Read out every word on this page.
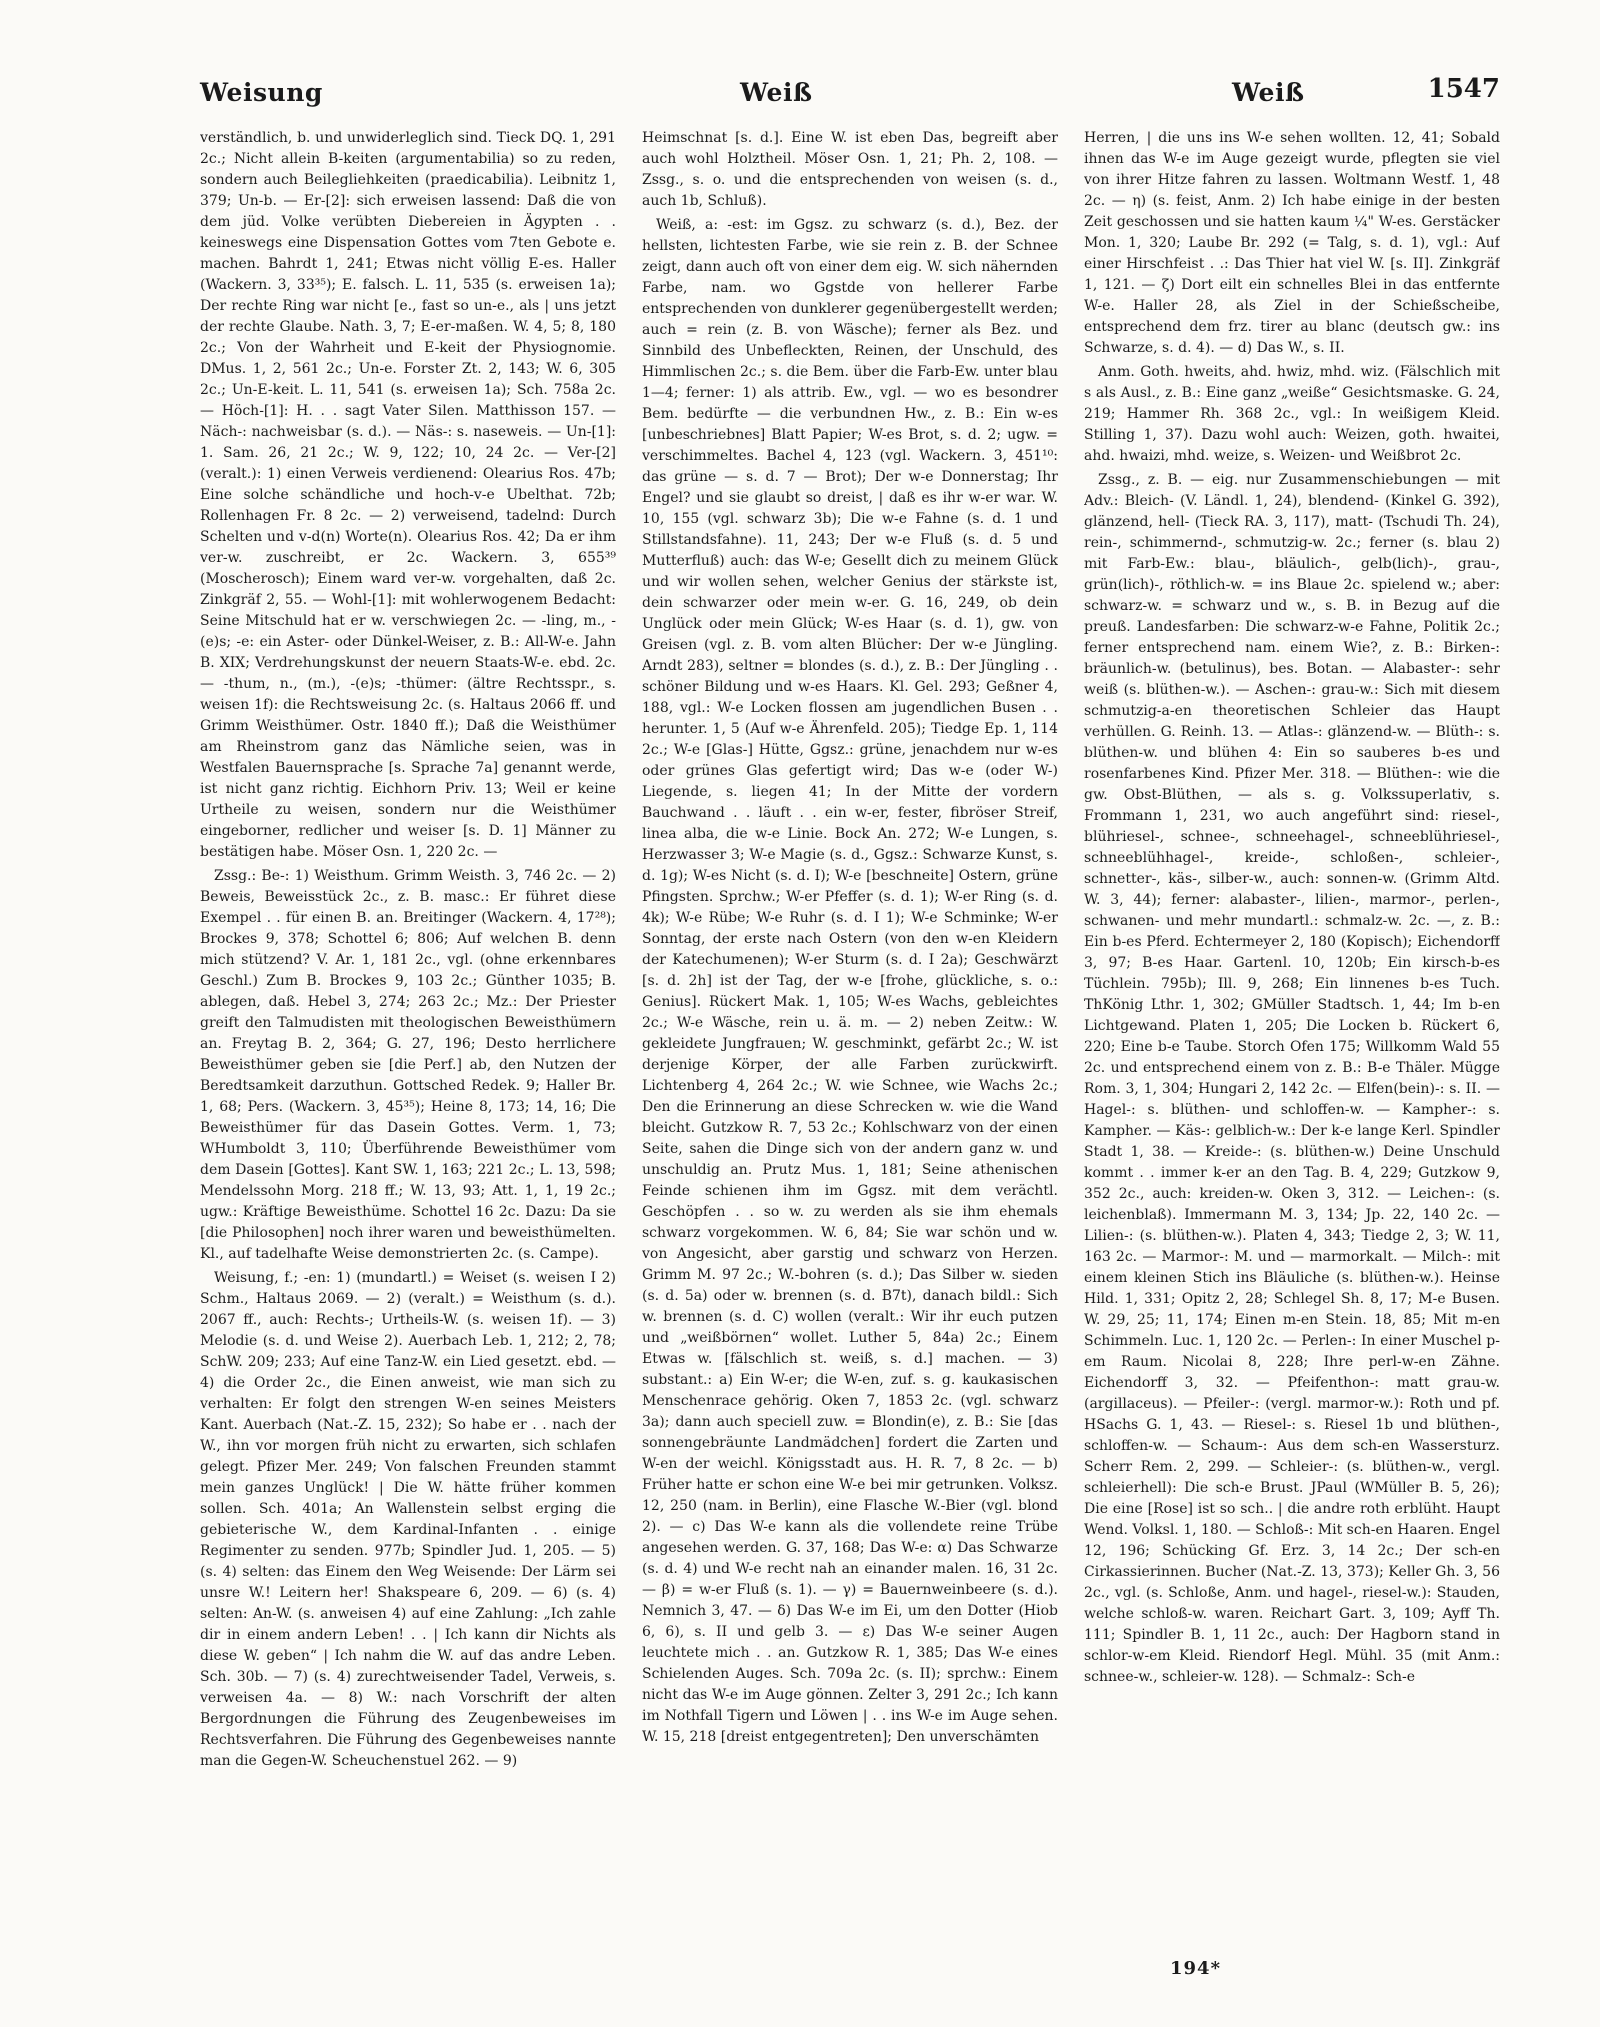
Weisung	Weiß	Weiß	1547

verständlich, b. und unwiderleglich sind. Tieck DQ. 1, 291 2c.; Nicht allein B-keiten (argumentabilia) so zu reden, sondern auch Beilegliehkeiten (praedicabilia). Leibnitz 1, 379; Un-b. — Er-[2]: sich erweisen lassend: Daß die von dem jüd. Volke verübten Diebereien in Ägypten . . keineswegs eine Dispensation Gottes vom 7ten Gebote e. machen. Bahrdt 1, 241; Etwas nicht völlig E-es. Haller (Wackern. 3, 33³⁵); E. falsch. L. 11, 535 (s. erweisen 1a); Der rechte Ring war nicht [e., fast so un-e., als | uns jetzt der rechte Glaube. Nath. 3, 7; E-er-maßen. W. 4, 5; 8, 180 2c.; Von der Wahrheit und E-keit der Physiognomie. DMus. 1, 2, 561 2c.; Un-e. Forster Zt. 2, 143; W. 6, 305 2c.; Un-E-keit. L. 11, 541 (s. erweisen 1a); Sch. 758a 2c. — Höch-[1]: H. . . sagt Vater Silen. Matthisson 157. — Näch-: nachweisbar (s. d.). — Näs-: s. naseweis. — Un-[1]: 1. Sam. 26, 21 2c.; W. 9, 122; 10, 24 2c. — Ver-[2] (veralt.): 1) einen Verweis verdienend: Olearius Ros. 47b; Eine solche schändliche und hoch-v-e Ubelthat. 72b; Rollenhagen Fr. 8 2c. — 2) verweisend, tadelnd: Durch Schelten und v-d(n) Worte(n). Olearius Ros. 42; Da er ihm ver-w. zuschreibt, er 2c. Wackern. 3, 655³⁹ (Moscherosch); Einem ward ver-w. vorgehalten, daß 2c. Zinkgräf 2, 55. — Wohl-[1]: mit wohlerwogenem Bedacht: Seine Mitschuld hat er w. verschwiegen 2c. — -ling, m., -(e)s; -e: ein Aster- oder Dünkel-Weiser, z. B.: All-W-e. Jahn B. XIX; Verdrehungskunst der neuern Staats-W-e. ebd. 2c. — -thum, n., (m.), -(e)s; -thümer: (ältre Rechtsspr., s. weisen 1f): die Rechtsweisung 2c. (s. Haltaus 2066 ff. und Grimm Weisthümer. Ostr. 1840 ff.); Daß die Weisthümer am Rheinstrom ganz das Nämliche seien, was in Westfalen Bauernsprache [s. Sprache 7a] genannt werde, ist nicht ganz richtig. Eichhorn Priv. 13; Weil er keine Urtheile zu weisen, sondern nur die Weisthümer eingeborner, redlicher und weiser [s. D. 1] Männer zu bestätigen habe. Möser Osn. 1, 220 2c. —

Zssg.: Be-: 1) Weisthum. Grimm Weisth. 3, 746 2c. — 2) Beweis, Beweisstück 2c., z. B. masc.: Er führet diese Exempel . . für einen B. an. Breitinger (Wackern. 4, 17²⁸); Brockes 9, 378; Schottel 6; 806; Auf welchen B. denn mich stützend? V. Ar. 1, 181 2c., vgl. (ohne erkennbares Geschl.) Zum B. Brockes 9, 103 2c.; Günther 1035; B. ablegen, daß. Hebel 3, 274; 263 2c.; Mz.: Der Priester greift den Talmudisten mit theologischen Beweisthümern an. Freytag B. 2, 364; G. 27, 196; Desto herrlichere Beweisthümer geben sie [die Perf.] ab, den Nutzen der Beredtsamkeit darzuthun. Gottsched Redek. 9; Haller Br. 1, 68; Pers. (Wackern. 3, 45³⁵); Heine 8, 173; 14, 16; Die Beweisthümer für das Dasein Gottes. Verm. 1, 73; WHumboldt 3, 110; Überführende Beweisthümer vom dem Dasein [Gottes]. Kant SW. 1, 163; 221 2c.; L. 13, 598; Mendelssohn Morg. 218 ff.; W. 13, 93; Att. 1, 1, 19 2c.; ugw.: Kräftige Beweisthüme. Schottel 16 2c. Dazu: Da sie [die Philosophen] noch ihrer waren und beweisthümelten. Kl., auf tadelhafte Weise demonstrierten 2c. (s. Campe).

Weisung, f.; -en: 1) (mundartl.) = Weiset (s. weisen I 2) Schm., Haltaus 2069. — 2) (veralt.) = Weisthum (s. d.). 2067 ff., auch: Rechts-; Urtheils-W. (s. weisen 1f). — 3) Melodie (s. d. und Weise 2). Auerbach Leb. 1, 212; 2, 78; SchW. 209; 233; Auf eine Tanz-W. ein Lied gesetzt. ebd. — 4) die Order 2c., die Einen anweist, wie man sich zu verhalten: Er folgt den strengen W-en seines Meisters Kant. Auerbach (Nat.-Z. 15, 232); So habe er . . nach der W., ihn vor morgen früh nicht zu erwarten, sich schlafen gelegt. Pfizer Mer. 249; Von falschen Freunden stammt mein ganzes Unglück! | Die W. hätte früher kommen sollen. Sch. 401a; An Wallenstein selbst erging die gebieterische W., dem Kardinal-Infanten . . einige Regimenter zu senden. 977b; Spindler Jud. 1, 205. — 5) (s. 4) selten: das Einem den Weg Weisende: Der Lärm sei unsre W.! Leitern her! Shakspeare 6, 209. — 6) (s. 4) selten: An-W. (s. anweisen 4) auf eine Zahlung: „Ich zahle dir in einem andern Leben! . . | Ich kann dir Nichts als diese W. geben“ | Ich nahm die W. auf das andre Leben. Sch. 30b. — 7) (s. 4) zurechtweisender Tadel, Verweis, s. verweisen 4a. — 8) W.: nach Vorschrift der alten Bergordnungen die Führung des Zeugenbeweises im Rechtsverfahren. Die Führung des Gegenbeweises nannte man die Gegen-W. Scheuchenstuel 262. — 9)

Heimschnat [s. d.]. Eine W. ist eben Das, begreift aber auch wohl Holztheil. Möser Osn. 1, 21; Ph. 2, 108. — Zssg., s. o. und die entsprechenden von weisen (s. d., auch 1b, Schluß).

Weiß, a: -est: im Ggsz. zu schwarz (s. d.), Bez. der hellsten, lichtesten Farbe, wie sie rein z. B. der Schnee zeigt, dann auch oft von einer dem eig. W. sich nähernden Farbe, nam. wo Ggstde von hellerer Farbe entsprechenden von dunklerer gegenübergestellt werden; auch = rein (z. B. von Wäsche); ferner als Bez. und Sinnbild des Unbefleckten, Reinen, der Unschuld, des Himmlischen 2c.; s. die Bem. über die Farb-Ew. unter blau 1—4; ferner: 1) als attrib. Ew., vgl. — wo es besondrer Bem. bedürfte — die verbundnen Hw., z. B.: Ein w-es [unbeschriebnes] Blatt Papier; W-es Brot, s. d. 2; ugw. = verschimmeltes. Bachel 4, 123 (vgl. Wackern. 3, 451¹⁰: das grüne — s. d. 7 — Brot); Der w-e Donnerstag; Ihr Engel? und sie glaubt so dreist, | daß es ihr w-er war. W. 10, 155 (vgl. schwarz 3b); Die w-e Fahne (s. d. 1 und Stillstandsfahne). 11, 243; Der w-e Fluß (s. d. 5 und Mutterfluß) auch: das W-e; Gesellt dich zu meinem Glück und wir wollen sehen, welcher Genius der stärkste ist, dein schwarzer oder mein w-er. G. 16, 249, ob dein Unglück oder mein Glück; W-es Haar (s. d. 1), gw. von Greisen (vgl. z. B. vom alten Blücher: Der w-e Jüngling. Arndt 283), seltner = blondes (s. d.), z. B.: Der Jüngling . . schöner Bildung und w-es Haars. Kl. Gel. 293; Geßner 4, 188, vgl.: W-e Locken flossen am jugendlichen Busen . . herunter. 1, 5 (Auf w-e Ährenfeld. 205); Tiedge Ep. 1, 114 2c.; W-e [Glas-] Hütte, Ggsz.: grüne, jenachdem nur w-es oder grünes Glas gefertigt wird; Das w-e (oder W-) Liegende, s. liegen 41; In der Mitte der vordern Bauchwand . . läuft . . ein w-er, fester, fibröser Streif, linea alba, die w-e Linie. Bock An. 272; W-e Lungen, s. Herzwasser 3; W-e Magie (s. d., Ggsz.: Schwarze Kunst, s. d. 1g); W-es Nicht (s. d. I); W-e [beschneite] Ostern, grüne Pfingsten. Sprchw.; W-er Pfeffer (s. d. 1); W-er Ring (s. d. 4k); W-e Rübe; W-e Ruhr (s. d. I 1); W-e Schminke; W-er Sonntag, der erste nach Ostern (von den w-en Kleidern der Katechumenen); W-er Sturm (s. d. I 2a); Geschwärzt [s. d. 2h] ist der Tag, der w-e [frohe, glückliche, s. o.: Genius]. Rückert Mak. 1, 105; W-es Wachs, gebleichtes 2c.; W-e Wäsche, rein u. ä. m. — 2) neben Zeitw.: W. gekleidete Jungfrauen; W. geschminkt, gefärbt 2c.; W. ist derjenige Körper, der alle Farben zurückwirft. Lichtenberg 4, 264 2c.; W. wie Schnee, wie Wachs 2c.; Den die Erinnerung an diese Schrecken w. wie die Wand bleicht. Gutzkow R. 7, 53 2c.; Kohlschwarz von der einen Seite, sahen die Dinge sich von der andern ganz w. und unschuldig an. Prutz Mus. 1, 181; Seine athenischen Feinde schienen ihm im Ggsz. mit dem verächtl. Geschöpfen . . so w. zu werden als sie ihm ehemals schwarz vorgekommen. W. 6, 84; Sie war schön und w. von Angesicht, aber garstig und schwarz von Herzen. Grimm M. 97 2c.; W.-bohren (s. d.); Das Silber w. sieden (s. d. 5a) oder w. brennen (s. d. B7t), danach bildl.: Sich w. brennen (s. d. C) wollen (veralt.: Wir ihr euch putzen und „weißbörnen“ wollet. Luther 5, 84a) 2c.; Einem Etwas w. [fälschlich st. weiß, s. d.] machen. — 3) substant.: a) Ein W-er; die W-en, zuf. s. g. kaukasischen Menschenrace gehörig. Oken 7, 1853 2c. (vgl. schwarz 3a); dann auch speciell zuw. = Blondin(e), z. B.: Sie [das sonnengebräunte Landmädchen] fordert die Zarten und W-en der weichl. Königsstadt aus. H. R. 7, 8 2c. — b) Früher hatte er schon eine W-e bei mir getrunken. Volksz. 12, 250 (nam. in Berlin), eine Flasche W.-Bier (vgl. blond 2). — c) Das W-e kann als die vollendete reine Trübe angesehen werden. G. 37, 168; Das W-e: α) Das Schwarze (s. d. 4) und W-e recht nah an einander malen. 16, 31 2c. — β) = w-er Fluß (s. 1). — γ) = Bauernweinbeere (s. d.). Nemnich 3, 47. — δ) Das W-e im Ei, um den Dotter (Hiob 6, 6), s. II und gelb 3. — ε) Das W-e seiner Augen leuchtete mich . . an. Gutzkow R. 1, 385; Das W-e eines Schielenden Auges. Sch. 709a 2c. (s. II); sprchw.: Einem nicht das W-e im Auge gönnen. Zelter 3, 291 2c.; Ich kann im Nothfall Tigern und Löwen | . . ins W-e im Auge sehen. W. 15, 218 [dreist entgegentreten]; Den unverschämten

Herren, | die uns ins W-e sehen wollten. 12, 41; Sobald ihnen das W-e im Auge gezeigt wurde, pflegten sie viel von ihrer Hitze fahren zu lassen. Woltmann Westf. 1, 48 2c. — η) (s. feist, Anm. 2) Ich habe einige in der besten Zeit geschossen und sie hatten kaum ¼" W-es. Gerstäcker Mon. 1, 320; Laube Br. 292 (= Talg, s. d. 1), vgl.: Auf einer Hirschfeist . .: Das Thier hat viel W. [s. II]. Zinkgräf 1, 121. — ζ) Dort eilt ein schnelles Blei in das entfernte W-e. Haller 28, als Ziel in der Schießscheibe, entsprechend dem frz. tirer au blanc (deutsch gw.: ins Schwarze, s. d. 4). — d) Das W., s. II.

Anm. Goth. hweits, ahd. hwiz, mhd. wiz. (Fälschlich mit s als Ausl., z. B.: Eine ganz „weiße“ Gesichtsmaske. G. 24, 219; Hammer Rh. 368 2c., vgl.: In weißigem Kleid. Stilling 1, 37). Dazu wohl auch: Weizen, goth. hwaitei, ahd. hwaizi, mhd. weize, s. Weizen- und Weißbrot 2c.

Zssg., z. B. — eig. nur Zusammenschiebungen — mit Adv.: Bleich- (V. Ländl. 1, 24), blendend- (Kinkel G. 392), glänzend, hell- (Tieck RA. 3, 117), matt- (Tschudi Th. 24), rein-, schimmernd-, schmutzig-w. 2c.; ferner (s. blau 2) mit Farb-Ew.: blau-, bläulich-, gelb(lich)-, grau-, grün(lich)-, röthlich-w. = ins Blaue 2c. spielend w.; aber: schwarz-w. = schwarz und w., s. B. in Bezug auf die preuß. Landesfarben: Die schwarz-w-e Fahne, Politik 2c.; ferner entsprechend nam. einem Wie?, z. B.: Birken-: bräunlich-w. (betulinus), bes. Botan. — Alabaster-: sehr weiß (s. blüthen-w.). — Aschen-: grau-w.: Sich mit diesem schmutzig-a-en theoretischen Schleier das Haupt verhüllen. G. Reinh. 13. — Atlas-: glänzend-w. — Blüth-: s. blüthen-w. und blühen 4: Ein so sauberes b-es und rosenfarbenes Kind. Pfizer Mer. 318. — Blüthen-: wie die gw. Obst-Blüthen, — als s. g. Volkssuperlativ, s. Frommann 1, 231, wo auch angeführt sind: riesel-, blühriesel-, schnee-, schneehagel-, schneeblühriesel-, schneeblühhagel-, kreide-, schloßen-, schleier-, schnetter-, käs-, silber-w., auch: sonnen-w. (Grimm Altd. W. 3, 44); ferner: alabaster-, lilien-, marmor-, perlen-, schwanen- und mehr mundartl.: schmalz-w. 2c. —, z. B.: Ein b-es Pferd. Echtermeyer 2, 180 (Kopisch); Eichendorff 3, 97; B-es Haar. Gartenl. 10, 120b; Ein kirsch-b-es Tüchlein. 795b); Ill. 9, 268; Ein linnenes b-es Tuch. ThKönig Lthr. 1, 302; GMüller Stadtsch. 1, 44; Im b-en Lichtgewand. Platen 1, 205; Die Locken b. Rückert 6, 220; Eine b-e Taube. Storch Ofen 175; Willkomm Wald 55 2c. und entsprechend einem von z. B.: B-e Thäler. Müggе Rom. 3, 1, 304; Hungari 2, 142 2c. — Elfen(bein)-: s. II. — Hagel-: s. blüthen- und schloffen-w. — Kampher-: s. Kampher. — Käs-: gelblich-w.: Der k-e lange Kerl. Spindler Stadt 1, 38. — Kreide-: (s. blüthen-w.) Deine Unschuld kommt . . immer k-er an den Tag. B. 4, 229; Gutzkow 9, 352 2c., auch: kreiden-w. Oken 3, 312. — Leichen-: (s. leichenblaß). Immermann M. 3, 134; Jp. 22, 140 2c. — Lilien-: (s. blüthen-w.). Platen 4, 343; Tiedge 2, 3; W. 11, 163 2c. — Marmor-: M. und — marmorkalt. — Milch-: mit einem kleinen Stich ins Bläuliche (s. blüthen-w.). Heinse Hild. 1, 331; Opitz 2, 28; Schlegel Sh. 8, 17; M-e Busen. W. 29, 25; 11, 174; Einen m-en Stein. 18, 85; Mit m-en Schimmeln. Luc. 1, 120 2c. — Perlen-: In einer Muschel p-em Raum. Nicolai 8, 228; Ihre perl-w-en Zähne. Eichendorff 3, 32. — Pfeifenthon-: matt grau-w. (argillaceus). — Pfeiler-: (vergl. marmor-w.): Roth und pf. HSachs G. 1, 43. — Riesel-: s. Riesel 1b und blüthen-, schloffen-w. — Schaum-: Aus dem sch-en Wassersturz. Scherr Rem. 2, 299. — Schleier-: (s. blüthen-w., vergl. schleierhell): Die sch-e Brust. JPaul (WMüller B. 5, 26); Die eine [Rose] ist so sch.. | die andre roth erblüht. Haupt Wend. Volksl. 1, 180. — Schloß-: Mit sch-en Haaren. Engel 12, 196; Schücking Gf. Erz. 3, 14 2c.; Der sch-en Cirkassierinnen. Bucher (Nat.-Z. 13, 373); Keller Gh. 3, 56 2c., vgl. (s. Schloße, Anm. und hagel-, riesel-w.): Stauden, welche schloß-w. waren. Reichart Gart. 3, 109; Ayff Th. 111; Spindler B. 1, 11 2c., auch: Der Hagborn stand in schlor-w-em Kleid. Riendorf Hegl. Mühl. 35 (mit Anm.: schnee-w., schleier-w. 128). — Schmalz-: Sch-e

194*
